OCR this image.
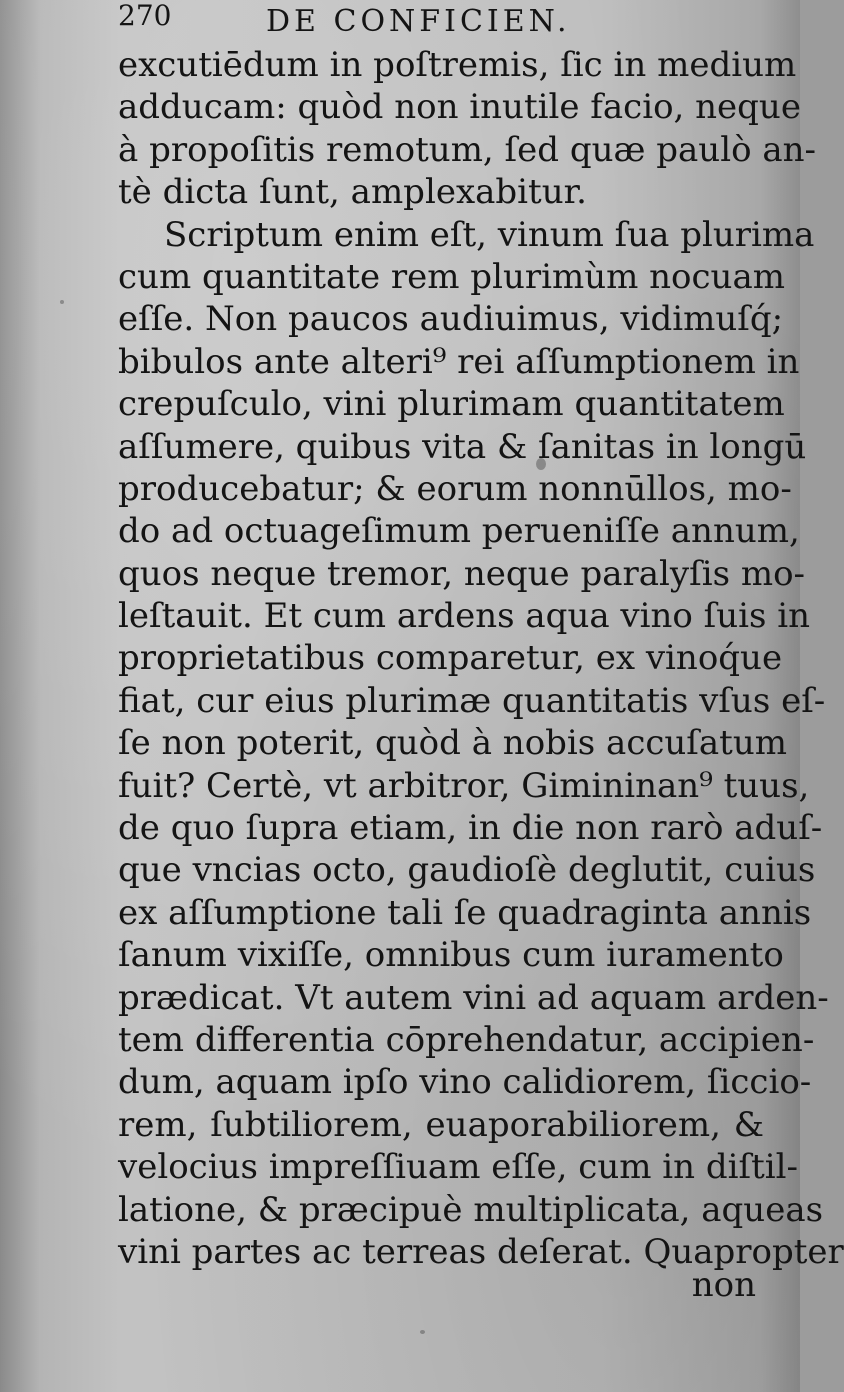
270	DE CONFICIEN.
excutiēdum in poſtremis, ſic in medium
adducam: quòd non inutile facio, neque
à propoſitis remotum, ſed quæ paulò an-
tè dicta ſunt, amplexabitur.
Scriptum enim eſt, vinum ſua plurima
cum quantitate rem plurimùm nocuam
eſſe. Non paucos audiuimus, vidimuſq́;
bibulos ante alteri⁹ rei aſſumptionem in
crepuſculo, vini plurimam quantitatem
aſſumere, quibus vita & ſanitas in longū
producebatur; & eorum nonnūllos, mo-
do ad octuageſimum perueniſſe annum,
quos neque tremor, neque paralyſis mo-
leſtauit. Et cum ardens aqua vino ſuis in
proprietatibus comparetur, ex vinoq́ue
fiat, cur eius plurimæ quantitatis vſus eſ-
ſe non poterit, quòd à nobis accuſatum
fuit? Certè, vt arbitror, Gimininan⁹ tuus,
de quo ſupra etiam, in die non rarò aduſ-
que vncias octo, gaudioſè deglutit, cuius
ex aſſumptione tali ſe quadraginta annis
ſanum vixiſſe, omnibus cum iuramento
prædicat. Vt autem vini ad aquam arden-
tem differentia cōprehendatur, accipien-
dum, aquam ipſo vino calidiorem, ſiccio-
rem, ſubtiliorem, euaporabiliorem, &
velocius impreſſiuam eſſe, cum in diſtil-
latione, & præcipuè multiplicata, aqueas
vini partes ac terreas deſerat. Quapropter
non
